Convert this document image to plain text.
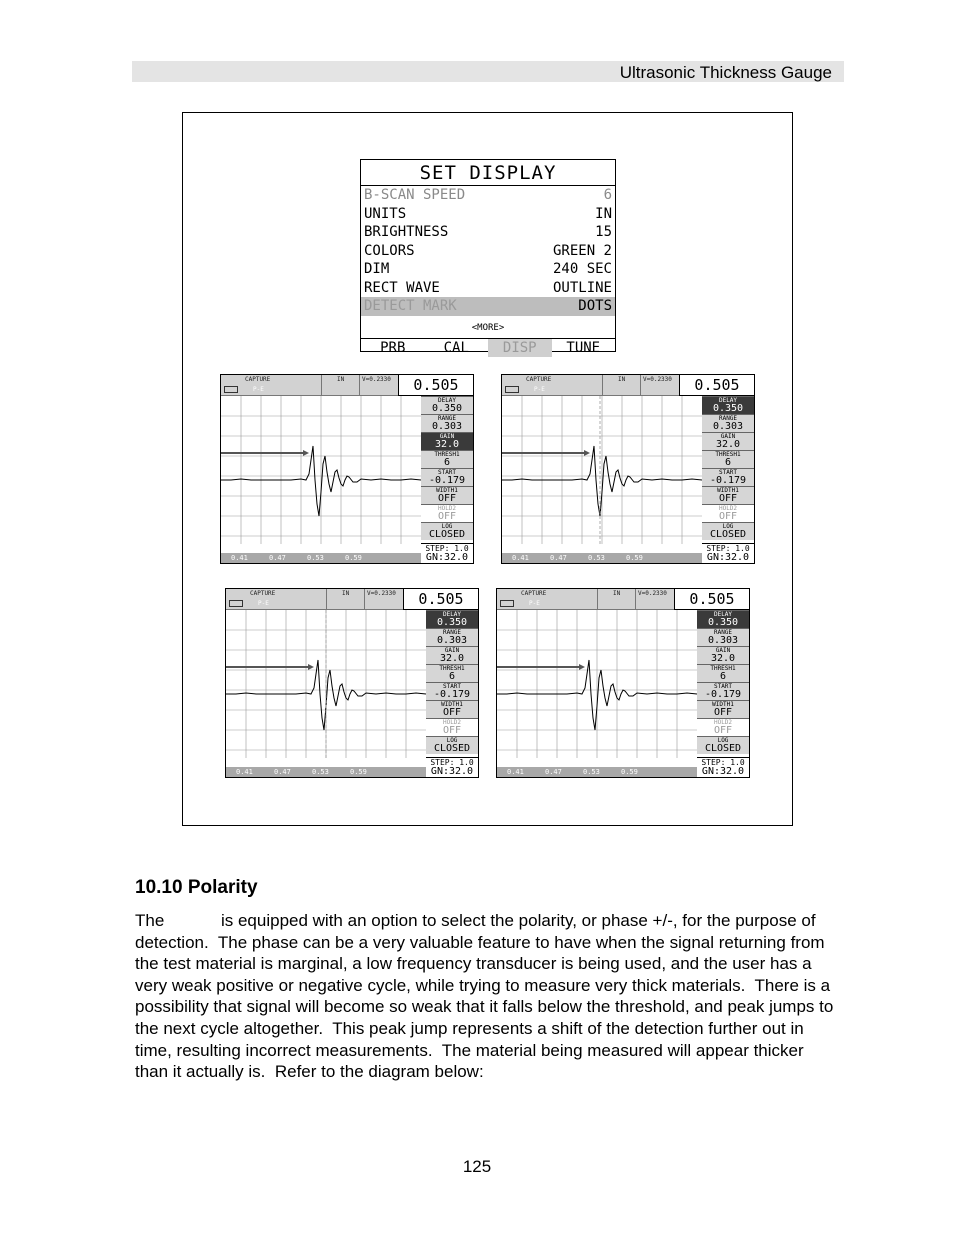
Ultrasonic Thickness Gauge
SET DISPLAY
B-SCAN SPEED	6
UNITS	IN
BRIGHTNESS	15
COLORS	GREEN 2
DIM	240 SEC
RECT WAVE	OUTLINE
DETECT MARK	DOTS
<MORE>
PRB	CAL	DISP	TUNE
CAPTURE
P-E
IN	V=0.2330	0.505
0.41	0.47	0.53	0.59
DELAY
0.350
RANGE
0.303
GAIN
32.0
THRESH1
6
START
-0.179
WIDTH1
OFF
HOLD2
OFF
LOG
CLOSED
STEP: 1.0
GN:32.0
CAPTURE
P-E
IN	V=0.2330	0.505
0.41	0.47	0.53	0.59
DELAY
0.350
RANGE
0.303
GAIN
32.0
THRESH1
6
START
-0.179
WIDTH1
OFF
HOLD2
OFF
LOG
CLOSED
STEP: 1.0
GN:32.0
CAPTURE
P-E
IN	V=0.2330	0.505
0.41	0.47	0.53	0.59
DELAY
0.350
RANGE
0.303
GAIN
32.0
THRESH1
6
START
-0.179
WIDTH1
OFF
HOLD2
OFF
LOG
CLOSED
STEP: 1.0
GN:32.0
CAPTURE
P-E
IN	V=0.2330	0.505
0.41	0.47	0.53	0.59
DELAY
0.350
RANGE
0.303
GAIN
32.0
THRESH1
6
START
-0.179
WIDTH1
OFF
HOLD2
OFF
LOG
CLOSED
STEP: 1.0
GN:32.0
10.10 Polarity
The            is equipped with an option to select the polarity, or phase +/-, for the purpose of detection.  The phase can be a very valuable feature to have when the signal returning from the test material is marginal, a low frequency transducer is being used, and the user has a very weak positive or negative cycle, while trying to measure very thick materials.  There is a possibility that signal will become so weak that it falls below the threshold, and peak jumps to the next cycle altogether.  This peak jump represents a shift of the detection further out in time, resulting incorrect measurements.  The material being measured will appear thicker than it actually is.  Refer to the diagram below:
125
